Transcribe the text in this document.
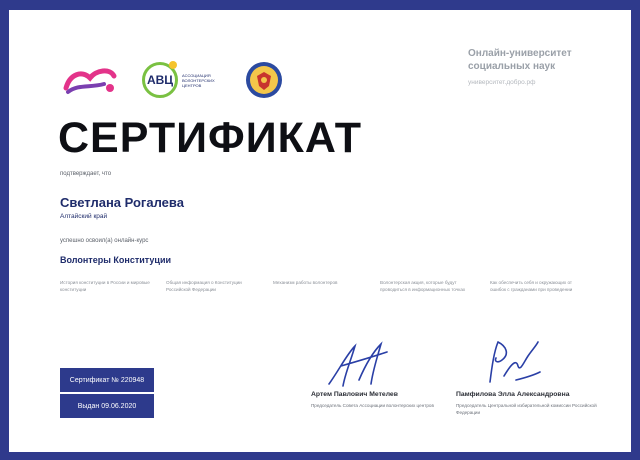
АВЦ	АССОЦИАЦИЯ ВОЛОНТЕРСКИХ ЦЕНТРОВ
Онлайн-университет социальных наук
университет.добро.рф
СЕРТИФИКАТ
подтверждает, что
Светлана Рогалева
Алтайский край
успешно освоил(а) онлайн-курс
Волонтеры Конституции
История конституции в России и мировые конституции
Общая информация о Конституции Российской Федерации
Механизм работы волонтеров	Волонтерская акция, которые будут проводиться в информационных точках
Как обеспечить себя и окружающих от ошибок с гражданами при проведении
Сертификат № 220948
Выдан 09.06.2020
Артем Павлович Метелев
Председатель Совета Ассоциации волонтерских центров
Памфилова Элла Александровна
Председатель Центральной избирательной комиссии Российской Федерации
